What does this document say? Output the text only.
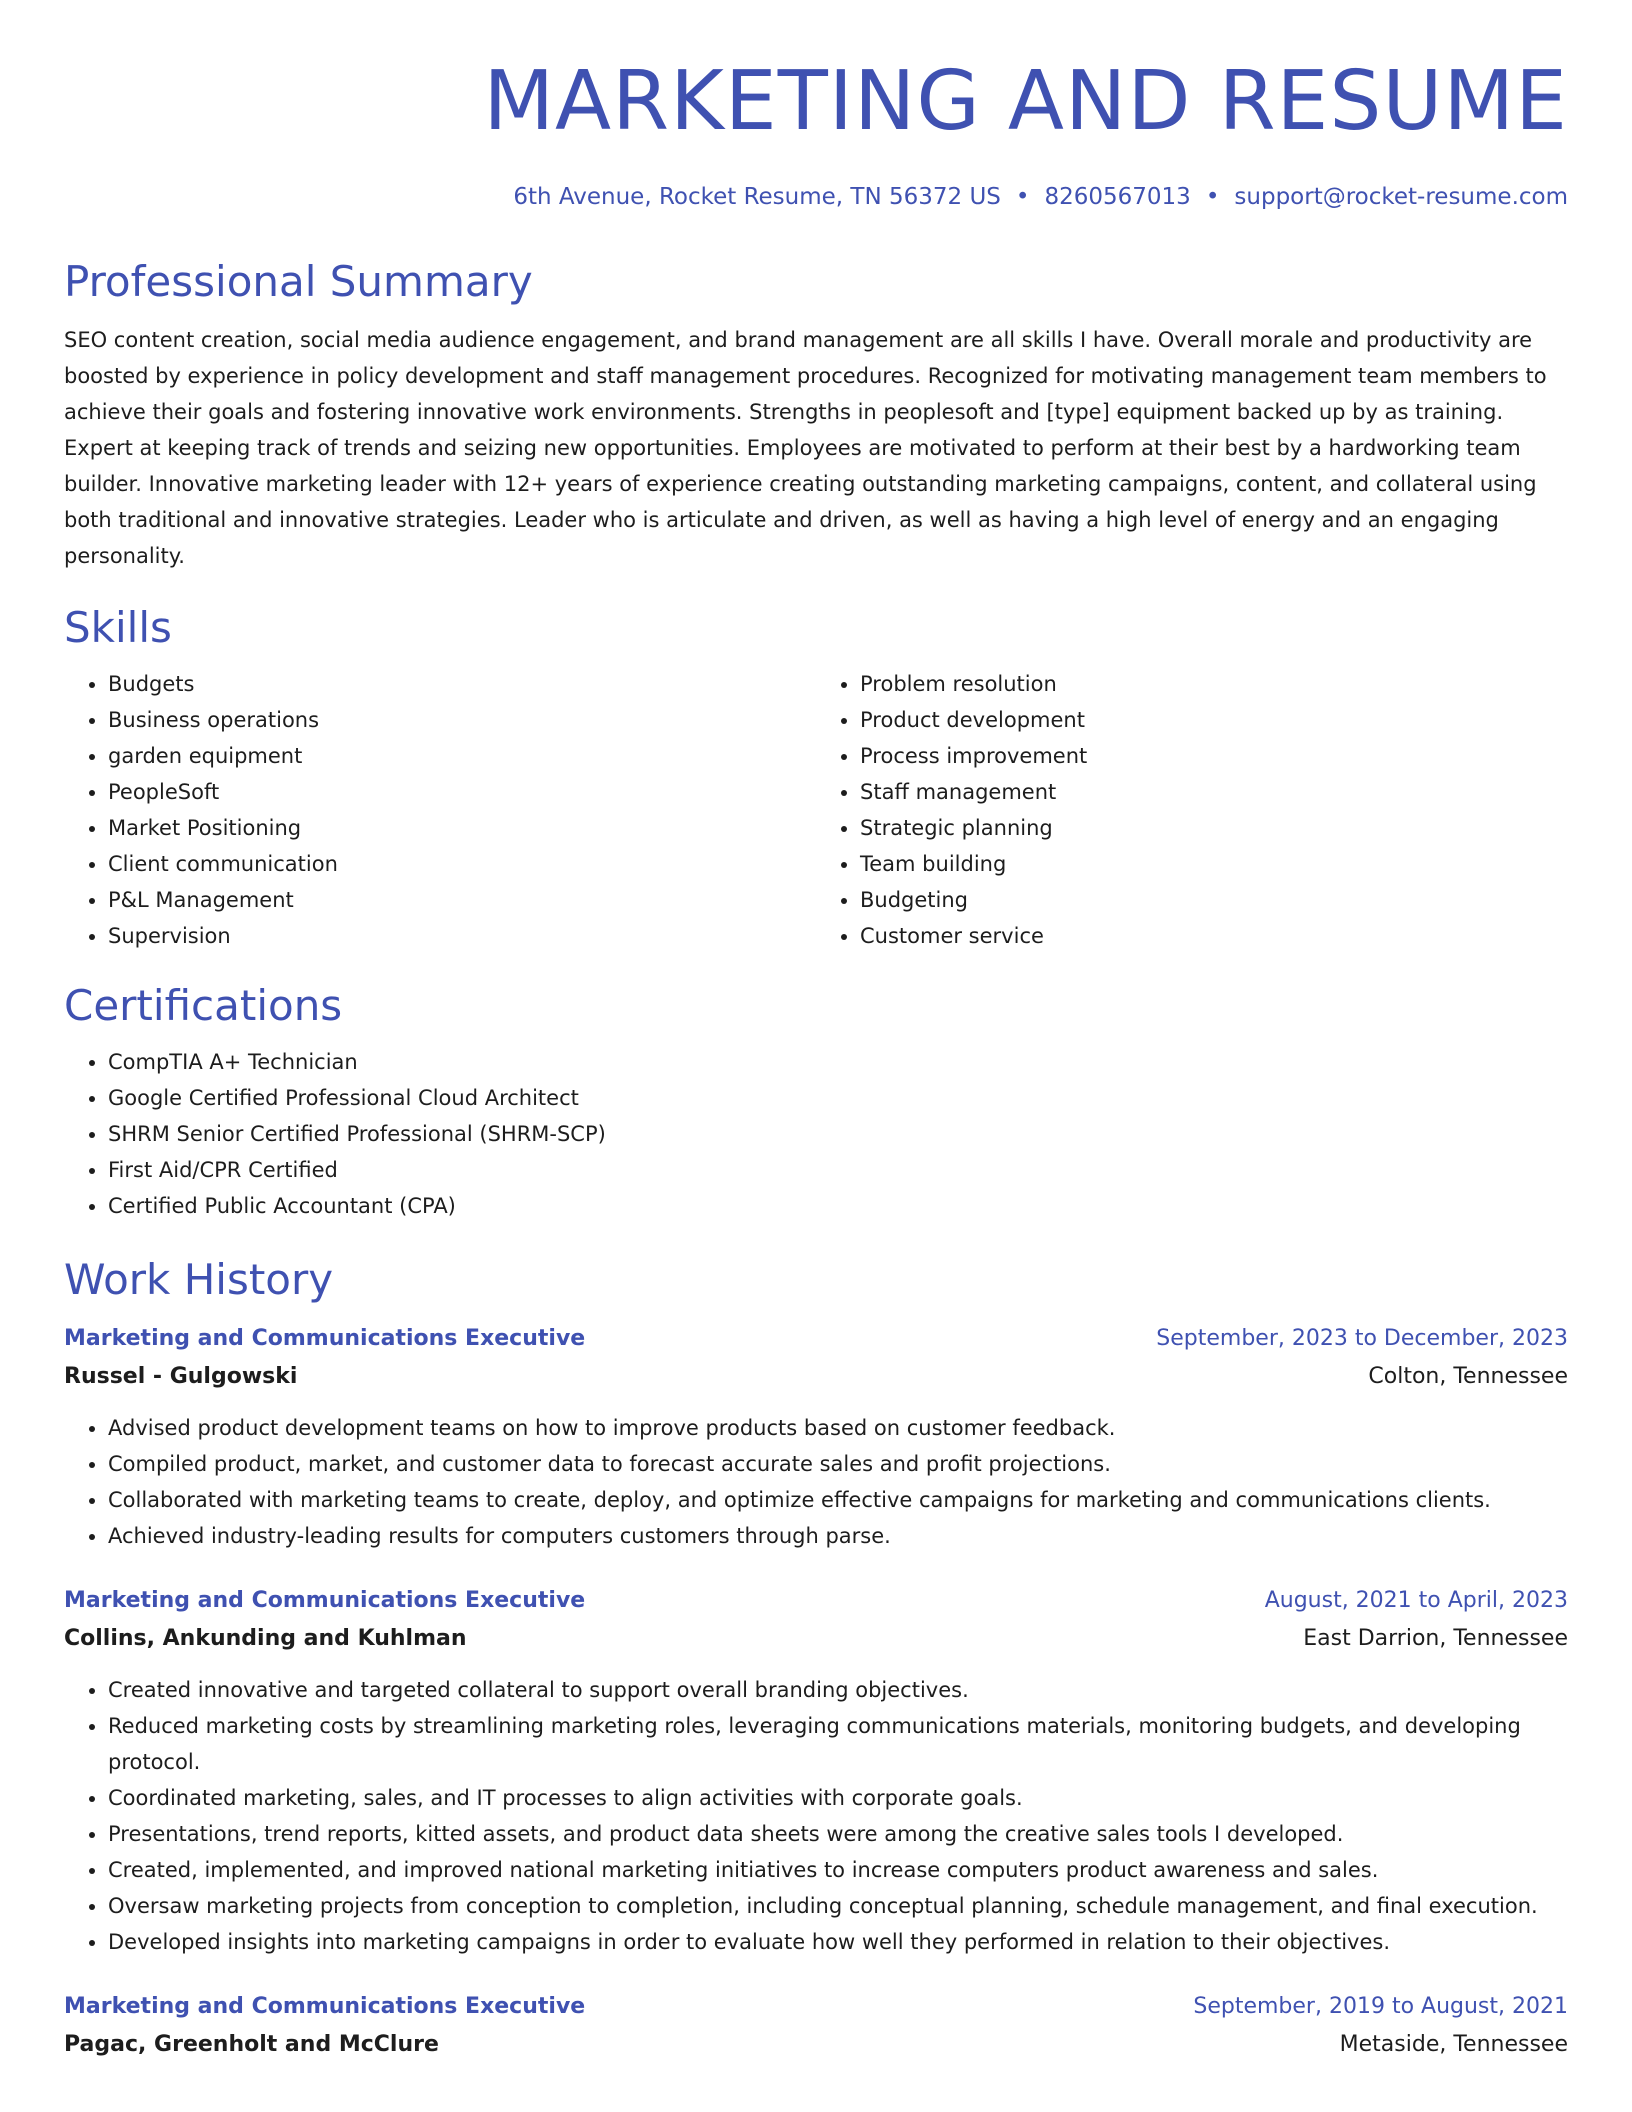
MARKETING AND RESUME
6th Avenue, Rocket Resume, TN 56372 US • 8260567013 • support@rocket-resume.com
Professional Summary

SEO content creation, social media audience engagement, and brand management are all skills I have. Overall morale and productivity are boosted by experience in policy development and staff management procedures. Recognized for motivating management team members to achieve their goals and fostering innovative work environments. Strengths in peoplesoft and [type] equipment backed up by as training. Expert at keeping track of trends and seizing new opportunities. Employees are motivated to perform at their best by a hardworking team builder. Innovative marketing leader with 12+ years of experience creating outstanding marketing campaigns, content, and collateral using both traditional and innovative strategies. Leader who is articulate and driven, as well as having a high level of energy and an engaging personality.

Skills
• Budgets
• Business operations
• garden equipment
• PeopleSoft
• Market Positioning
• Client communication
• P&L Management
• Supervision
• Problem resolution
• Product development
• Process improvement
• Staff management
• Strategic planning
• Team building
• Budgeting
• Customer service
Certifications
• CompTIA A+ Technician
• Google Certified Professional Cloud Architect
• SHRM Senior Certified Professional (SHRM-SCP)
• First Aid/CPR Certified
• Certified Public Accountant (CPA)
Work History
Marketing and Communications Executive	September, 2023 to December, 2023
Russel - Gulgowski	Colton, Tennessee
• Advised product development teams on how to improve products based on customer feedback.
• Compiled product, market, and customer data to forecast accurate sales and profit projections.
• Collaborated with marketing teams to create, deploy, and optimize effective campaigns for marketing and communications clients.
• Achieved industry-leading results for computers customers through parse.
Marketing and Communications Executive	August, 2021 to April, 2023
Collins, Ankunding and Kuhlman	East Darrion, Tennessee
• Created innovative and targeted collateral to support overall branding objectives.
• Reduced marketing costs by streamlining marketing roles, leveraging communications materials, monitoring budgets, and developing protocol.
• Coordinated marketing, sales, and IT processes to align activities with corporate goals.
• Presentations, trend reports, kitted assets, and product data sheets were among the creative sales tools I developed.
• Created, implemented, and improved national marketing initiatives to increase computers product awareness and sales.
• Oversaw marketing projects from conception to completion, including conceptual planning, schedule management, and final execution.
• Developed insights into marketing campaigns in order to evaluate how well they performed in relation to their objectives.
Marketing and Communications Executive	September, 2019 to August, 2021
Pagac, Greenholt and McClure	Metaside, Tennessee
